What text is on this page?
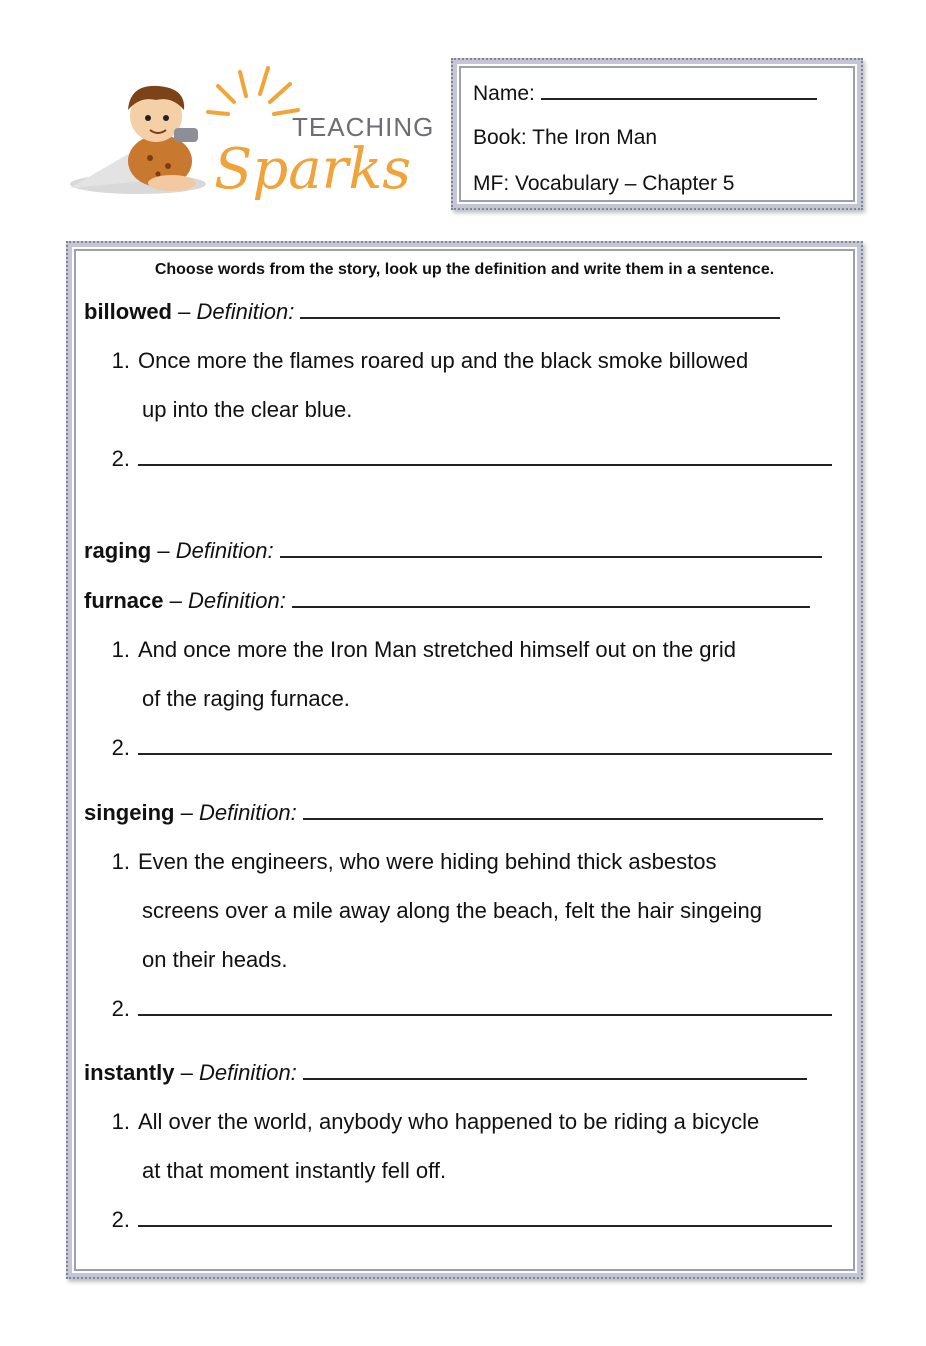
TEACHING
Sparks
Name:
Book: The Iron Man
MF: Vocabulary – Chapter 5
Choose words from the story, look up the definition and write them in a sentence.
billowed – Definition:
1. Once more the flames roared up and the black smoke billowed
up into the clear blue.
2.
raging – Definition:
furnace – Definition:
1. And once more the Iron Man stretched himself out on the grid
of the raging furnace.
2.
singeing – Definition:
1. Even the engineers, who were hiding behind thick asbestos
screens over a mile away along the beach, felt the hair singeing
on their heads.
2.
instantly – Definition:
1. All over the world, anybody who happened to be riding a bicycle
at that moment instantly fell off.
2.
